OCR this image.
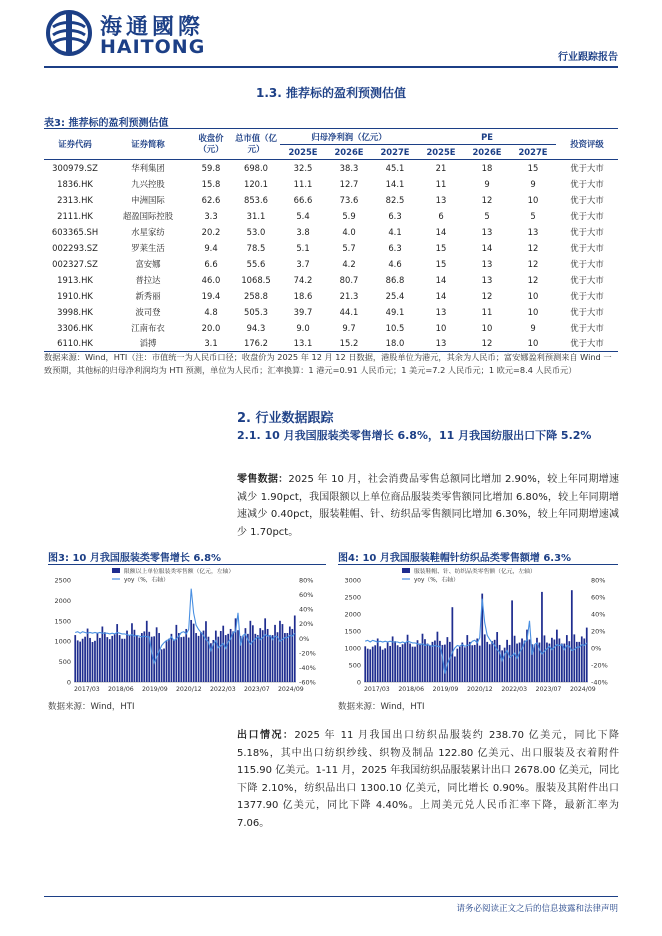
海通國際
HAITONG	行业跟踪报告
1.3. 推荐标的盈利预测估值
表3: 推荐标的盈利预测估值
证券代码	证券简称	收盘价（元）	总市值（亿元）	归母净利润（亿元）			PE			投资评级
				2025E	2026E	2027E	2025E	2026E	2027E	
300979.SZ	华利集团	59.8	698.0	32.5	38.3	45.1	21	18	15	优于大市
1836.HK	九兴控股	15.8	120.1	11.1	12.7	14.1	11	9	9	优于大市
2313.HK	申洲国际	62.6	853.6	66.6	73.6	82.5	13	12	10	优于大市
2111.HK	超盈国际控股	3.3	31.1	5.4	5.9	6.3	6	5	5	优于大市
603365.SH	水星家纺	20.2	53.0	3.8	4.0	4.1	14	13	13	优于大市
002293.SZ	罗莱生活	9.4	78.5	5.1	5.7	6.3	15	14	12	优于大市
002327.SZ	富安娜	6.6	55.6	3.7	4.2	4.6	15	13	12	优于大市
1913.HK	普拉达	46.0	1068.5	74.2	80.7	86.8	14	13	12	优于大市
1910.HK	新秀丽	19.4	258.8	18.6	21.3	25.4	14	12	10	优于大市
3998.HK	波司登	4.8	505.3	39.7	44.1	49.1	13	11	10	优于大市
3306.HK	江南布衣	20.0	94.3	9.0	9.7	10.5	10	10	9	优于大市
6110.HK	滔搏	3.1	176.2	13.1	15.2	18.0	13	12	10	优于大市
数据来源：Wind，HTI（注：市值统一为人民币口径；收盘价为 2025 年 12 月 12 日数据，港股单位为港元，其余为人民币；富安娜盈利预测来自 Wind 一致预期，其他标的归母净利润均为 HTI 预测，单位为人民币；汇率换算：1 港元=0.91 人民币元；1 美元=7.2 人民币元；1 欧元=8.4 人民币元）
2. 行业数据跟踪
2.1. 10 月我国服装类零售增长 6.8%，11 月我国纺服出口下降 5.2%
零售数据：2025 年 10 月，社会消费品零售总额同比增加 2.90%，较上年同期增速减少 1.90pct，我国限额以上单位商品服装类零售额同比增加 6.80%，较上年同期增速减少 0.40pct，服装鞋帽、针、纺织品零售额同比增加 6.30%，较上年同期增速减少 1.70pct。
图3: 10 月我国服装类零售增长 6.8%
0
500
1000
1500
2000
2500
-60%
-40%
-20%
0%
20%
40%
60%
80%
2017/03 2018/06 2019/09 2020/12 2022/03 2023/07 2024/09
限额以上单位服装类零售额（亿元，左轴）
yoy（%，右轴）
数据来源：Wind，HTI
图4: 10 月我国服装鞋帽针纺织品类零售额增 6.3%
0
500
1000
1500
2000
2500
3000
-40%
-20%
0%
20%
40%
60%
80%
2017/03 2018/06 2019/09 2020/12 2022/03 2023/07 2024/09
服装鞋帽、针、纺织品类零售额（亿元，左轴）
yoy（%，右轴）
数据来源：Wind，HTI
出口情况：2025 年 11 月我国出口纺织品服装约 238.70 亿美元，同比下降 5.18%，其中出口纺织纱线、织物及制品 122.80 亿美元、出口服装及衣着附件 115.90 亿美元。1-11 月，2025 年我国纺织品服装累计出口 2678.00 亿美元，同比下降 2.10%，纺织品出口 1300.10 亿美元，同比增长 0.90%。服装及其附件出口 1377.90 亿美元，同比下降 4.40%。上周美元兑人民币汇率下降，最新汇率为 7.06。
请务必阅读正文之后的信息披露和法律声明
